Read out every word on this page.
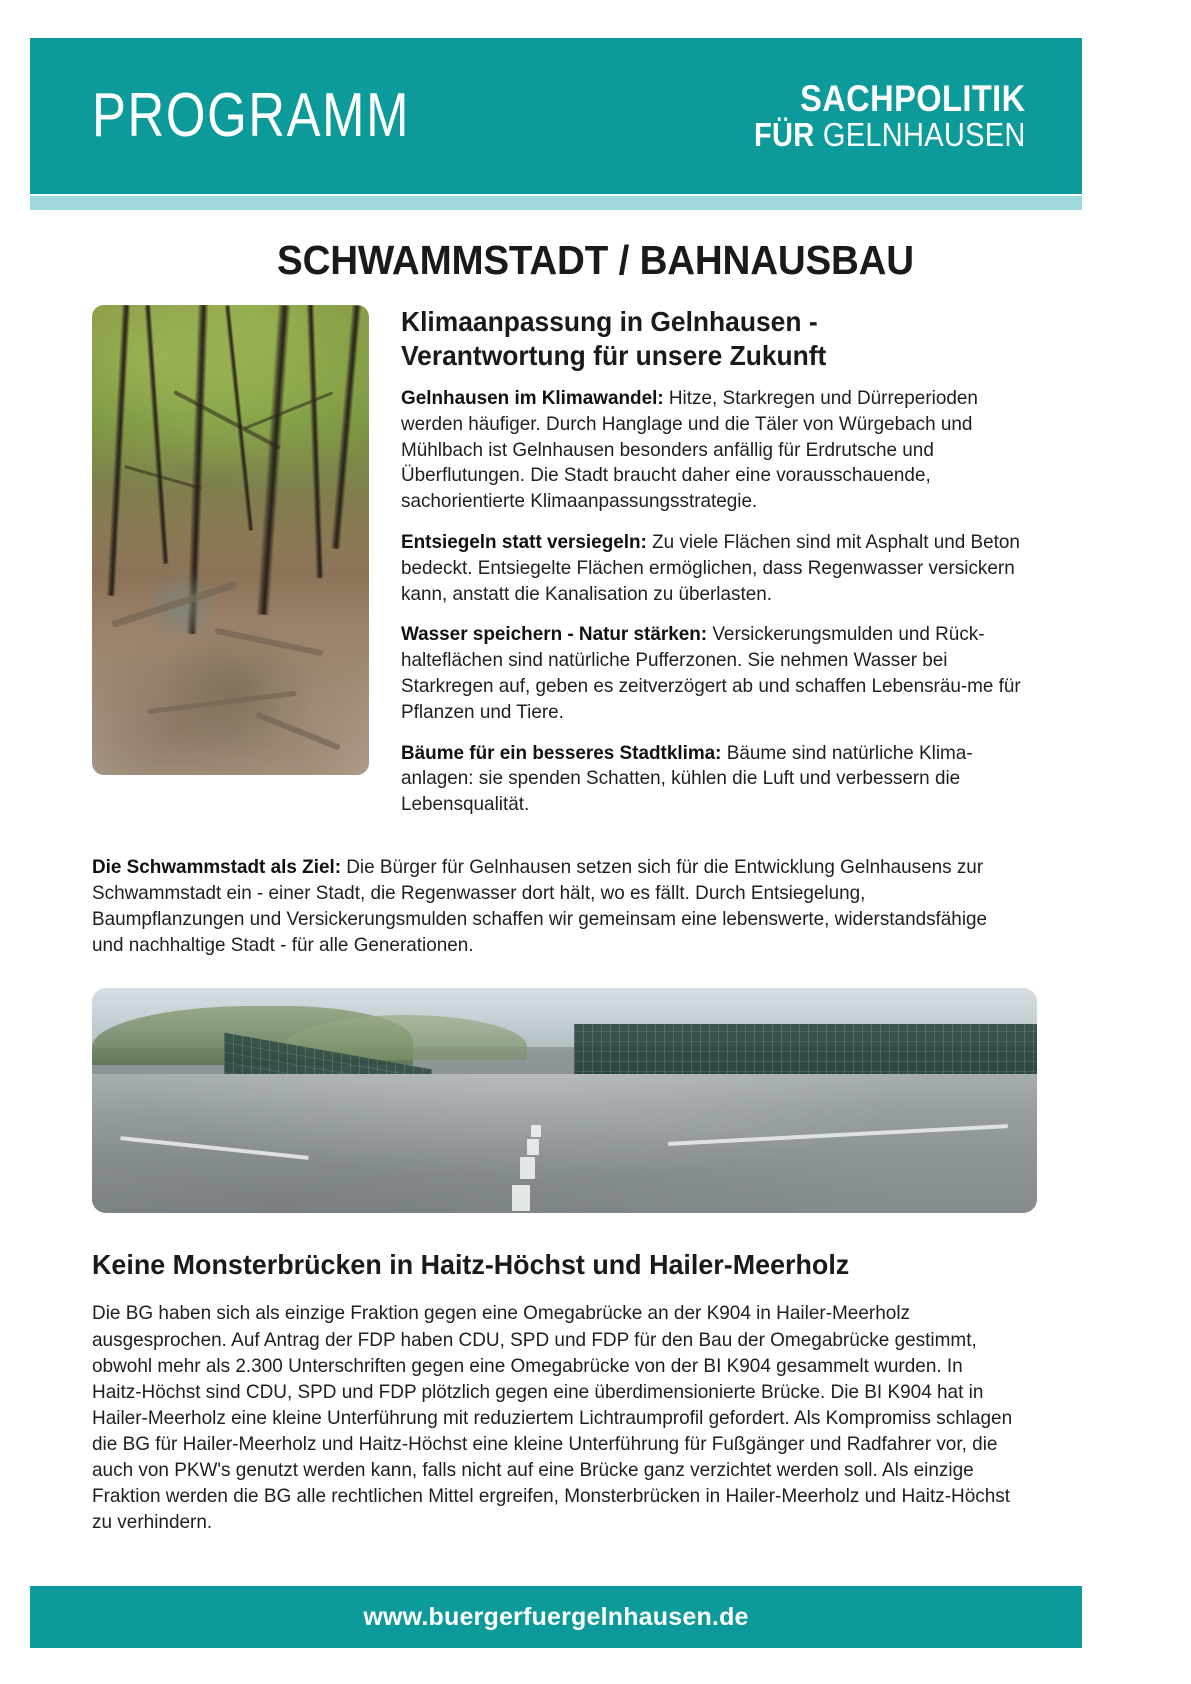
PROGRAMM	SACHPOLITIK
FÜR GELNHAUSEN
SCHWAMMSTADT / BAHNAUSBAU
Klimaanpassung in Gelnhausen -
Verantwortung für unsere Zukunft

Gelnhausen im Klimawandel: Hitze, Starkregen und Dürreperioden werden häufiger. Durch Hanglage und die Täler von Würgebach und Mühlbach ist Gelnhausen besonders anfällig für Erdrutsche und Überflutungen. Die Stadt braucht daher eine vorausschauende, sachorientierte Klimaanpassungsstrategie.

Entsiegeln statt versiegeln: Zu viele Flächen sind mit Asphalt und Beton bedeckt. Entsiegelte Flächen ermöglichen, dass Regenwasser versickern kann, anstatt die Kanalisation zu überlasten.

Wasser speichern - Natur stärken: Versickerungsmulden und Rück-halteflächen sind natürliche Pufferzonen. Sie nehmen Wasser bei Starkregen auf, geben es zeitverzögert ab und schaffen Lebensräu-me für Pflanzen und Tiere.

Bäume für ein besseres Stadtklima: Bäume sind natürliche Klima-anlagen: sie spenden Schatten, kühlen die Luft und verbessern die Lebensqualität.

Die Schwammstadt als Ziel: Die Bürger für Gelnhausen setzen sich für die Entwicklung Gelnhausens zur Schwammstadt ein - einer Stadt, die Regenwasser dort hält, wo es fällt. Durch Entsiegelung, Baumpflanzungen und Versickerungsmulden schaffen wir gemeinsam eine lebenswerte, widerstandsfähige und nachhaltige Stadt - für alle Generationen.

Keine Monsterbrücken in Haitz-Höchst und Hailer-Meerholz

Die BG haben sich als einzige Fraktion gegen eine Omegabrücke an der K904 in Hailer-Meerholz ausgesprochen. Auf Antrag der FDP haben CDU, SPD und FDP für den Bau der Omegabrücke gestimmt, obwohl mehr als 2.300 Unterschriften gegen eine Omegabrücke von der BI K904 gesammelt wurden. In Haitz-Höchst sind CDU, SPD und FDP plötzlich gegen eine überdimensionierte Brücke. Die BI K904 hat in Hailer-Meerholz eine kleine Unterführung mit reduziertem Lichtraumprofil gefordert. Als Kompromiss schlagen die BG für Hailer-Meerholz und Haitz-Höchst eine kleine Unterführung für Fußgänger und Radfahrer vor, die auch von PKW's genutzt werden kann, falls nicht auf eine Brücke ganz verzichtet werden soll. Als einzige Fraktion werden die BG alle rechtlichen Mittel ergreifen, Monsterbrücken in Hailer-Meerholz und Haitz-Höchst zu verhindern.

www.buergerfuergelnhausen.de
